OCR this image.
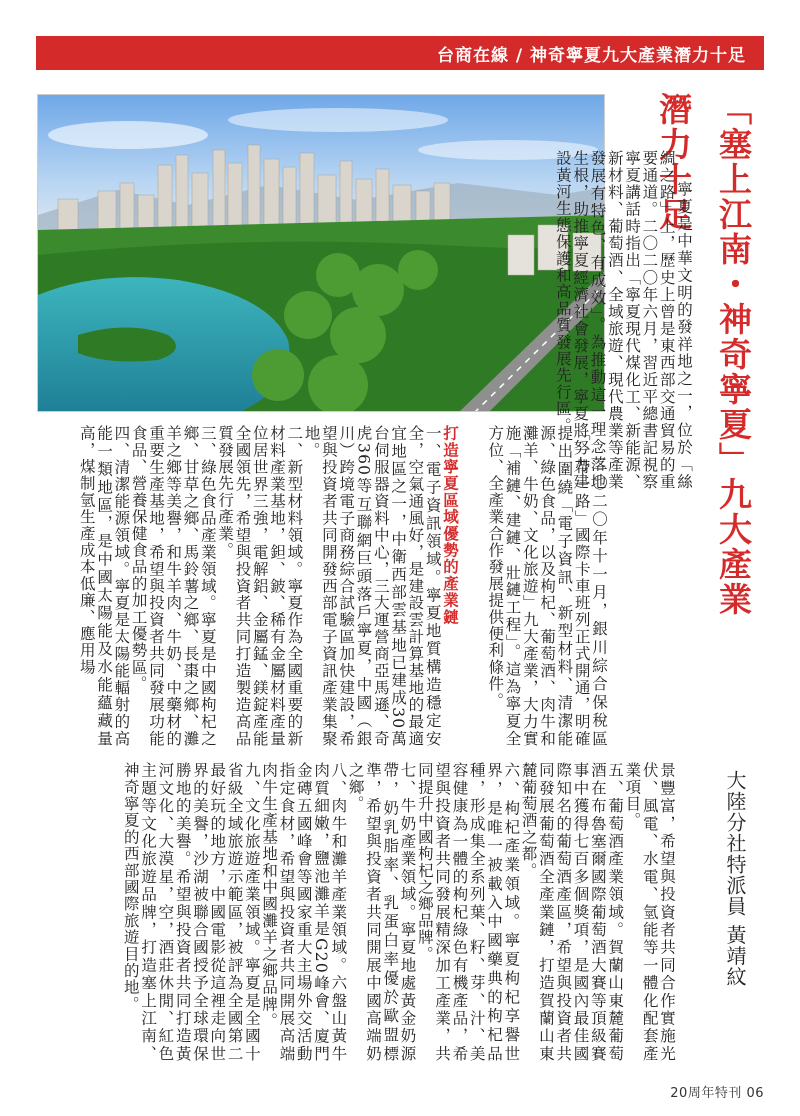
台商在線 / 神奇寧夏九大產業潛力十足
「塞上江南・神奇寧夏」九大產業潛力十足

寧夏是中華文明的發祥地之一，位於「絲綢之路」上，歷史上曾是東西部交通貿易的重要通道。二〇二〇年六月，習近平總書記視察寧夏講話時指出「寧夏現代煤化工、新能源、新材料、葡萄酒、全域旅遊、現代農業等產業發展有特色、有成效」。為推動這一理念落地生根，助推寧夏經濟社會發展，寧夏將努力建設黃河生態保護和高品質發展先行區。

二〇二〇年十一月，銀川綜合保稅區「一帶一路」國際卡車班列正式開通，明確提出圍繞「電子資訊、新型材料、清潔能源、綠色食品，以及枸杞、葡萄酒、肉牛和灘羊、牛奶、文化旅遊」九大產業，大力實施「補鏈、建鏈、壯鏈工程」。這為寧夏全方位、全產業合作發展提供便利條件。

打造寧夏區域優勢的產業鏈

一、電子資訊領域。寧夏地質構造穩定安全，空氣通風好，是建設雲計算基地的最適宜地區之一，中衛西部雲基地已建成30萬台伺服器資料中心，三大運營商亞馬遜、奇虎360等互聯網巨頭落戶寧夏，中國（銀川）跨境電子商務綜合試驗區加快建設，希望與投資者共同開發西部電子資訊產業集聚地。

二、新型材料領域。寧夏作為全國重要的新材料產業基地，鉭、鈹、稀有金屬材料產量位居世界三強，電解鋁、金屬錳、鎂錠產能全國領先，希望與投資者共同打造製造高品質發展先行產業。

三、綠色食品產業領域。寧夏是中國枸杞之鄉、甘草之鄉、馬鈴薯之鄉、長棗之鄉、灘羊之鄉等美譽，和牛羊肉、牛奶、中藥材的重要生產基地，希望與投資者共同發展功能食品、營養保健食品的加工優勢區。

四、清潔能源領域。寧夏是太陽能輻射的高能一類地區，是中國太陽能及水能蘊藏量高，煤制氫生產成本低廉、應用場

景豐富，希望與投資者共同合作實施光伏、風電、水電、氫能等一體化配套產業項目。

五、葡萄酒產業領域。賀蘭山東麓葡萄酒在布魯塞爾國際葡萄酒大賽等頂級賽事中獲得七百多個獎項，是國內最佳國際知名的葡萄酒產區，希望與投資者共同發展葡萄酒全產業鏈，打造賀蘭山東麓葡萄酒之都。

六、枸杞產業領域。寧夏枸杞享譽世界，是唯一被載入中國藥典的枸杞品種，形成集全系列葉、籽、芽、汁、美容健康為一體的枸杞綠色有機產品，希望與投資者共同發展精深加工產業，共同提升中國枸杞之鄉品牌。

七、牛奶產業領域。寧夏地處黃金奶源帶，奶乳脂率、乳蛋白率優於歐盟標準，希望與投資者共同開展中國高端奶之鄉。

八、肉牛和灘羊產業領域。六盤山黃牛肉質細嫩，鹽池灘羊是G20峰會、廈門金磚五國峰會等國家重大主場外交活動指定食材，希望與投資者共同開展高端肉牛生產基地和中國灘羊之鄉品牌。

九、文化旅遊產業領域。寧夏是全國十省級全域旅遊示範區，被評為全國第二最好玩的地方，中國電影從這裡走向世界的美譽，沙湖被聯合國授予全球環保勝地的美譽。希望與投資者共同打造黃河文化、大漠星，空，酒莊休閒、紅色主題等文化旅遊品牌，打造塞上江南、神奇寧夏的西部國際旅遊目的地。	大陸分社特派員 黃靖紋
20周年特刊 06
